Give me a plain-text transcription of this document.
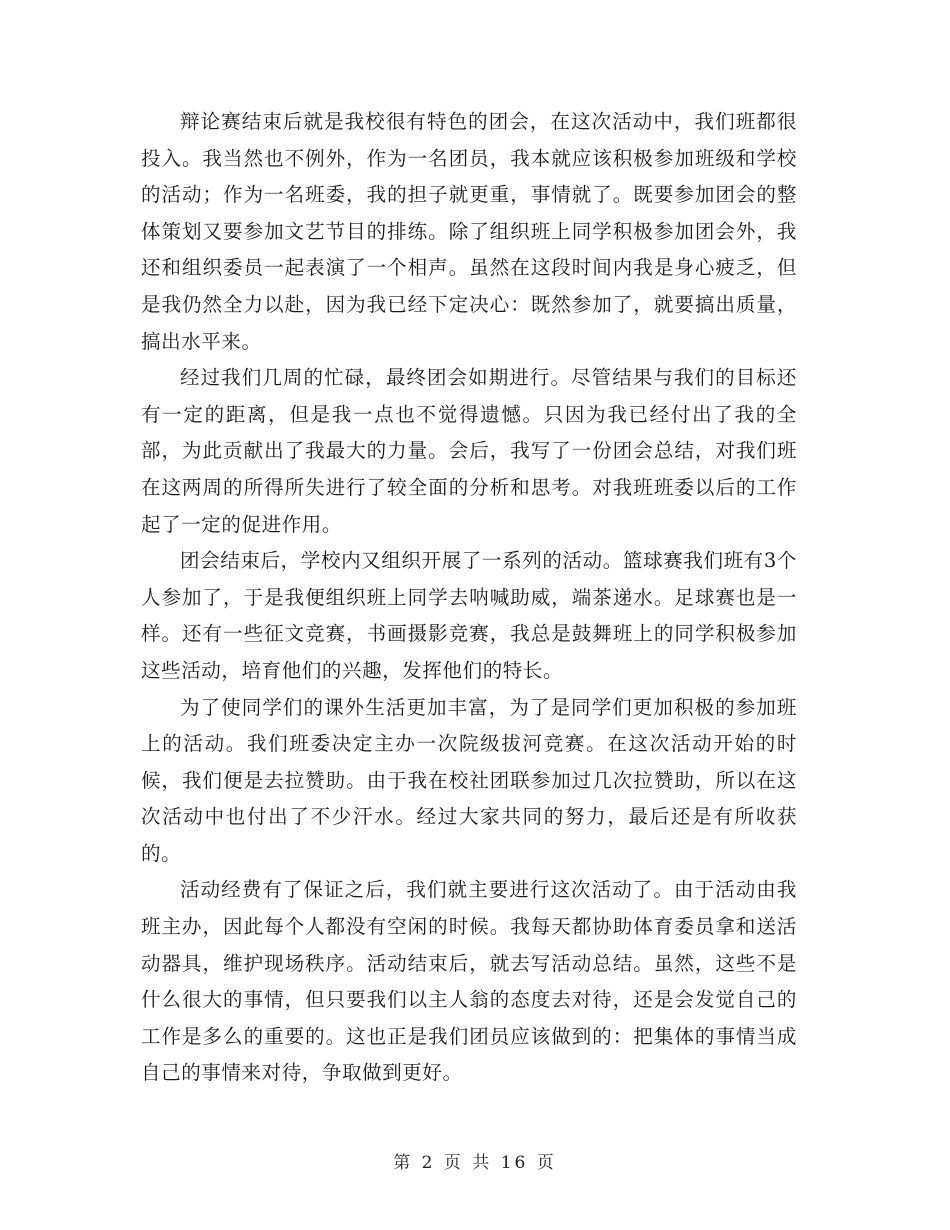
辩论赛结束后就是我校很有特色的团会，在这次活动中，我们班都很投入。我当然也不例外，作为一名团员，我本就应该积极参加班级和学校的活动；作为一名班委，我的担子就更重，事情就了。既要参加团会的整体策划又要参加文艺节目的排练。除了组织班上同学积极参加团会外，我还和组织委员一起表演了一个相声。虽然在这段时间内我是身心疲乏，但是我仍然全力以赴，因为我已经下定决心：既然参加了，就要搞出质量，搞出水平来。

经过我们几周的忙碌，最终团会如期进行。尽管结果与我们的目标还有一定的距离，但是我一点也不觉得遗憾。只因为我已经付出了我的全部，为此贡献出了我最大的力量。会后，我写了一份团会总结，对我们班在这两周的所得所失进行了较全面的分析和思考。对我班班委以后的工作起了一定的促进作用。

团会结束后，学校内又组织开展了一系列的活动。篮球赛我们班有3个人参加了，于是我便组织班上同学去呐喊助威，端茶递水。足球赛也是一样。还有一些征文竞赛，书画摄影竞赛，我总是鼓舞班上的同学积极参加这些活动，培育他们的兴趣，发挥他们的特长。

为了使同学们的课外生活更加丰富，为了是同学们更加积极的参加班上的活动。我们班委决定主办一次院级拔河竞赛。在这次活动开始的时候，我们便是去拉赞助。由于我在校社团联参加过几次拉赞助，所以在这次活动中也付出了不少汗水。经过大家共同的努力，最后还是有所收获的。

活动经费有了保证之后，我们就主要进行这次活动了。由于活动由我班主办，因此每个人都没有空闲的时候。我每天都协助体育委员拿和送活动器具，维护现场秩序。活动结束后，就去写活动总结。虽然，这些不是什么很大的事情，但只要我们以主人翁的态度去对待，还是会发觉自己的工作是多么的重要的。这也正是我们团员应该做到的：把集体的事情当成自己的事情来对待，争取做到更好。

第 2 页 共 16 页
